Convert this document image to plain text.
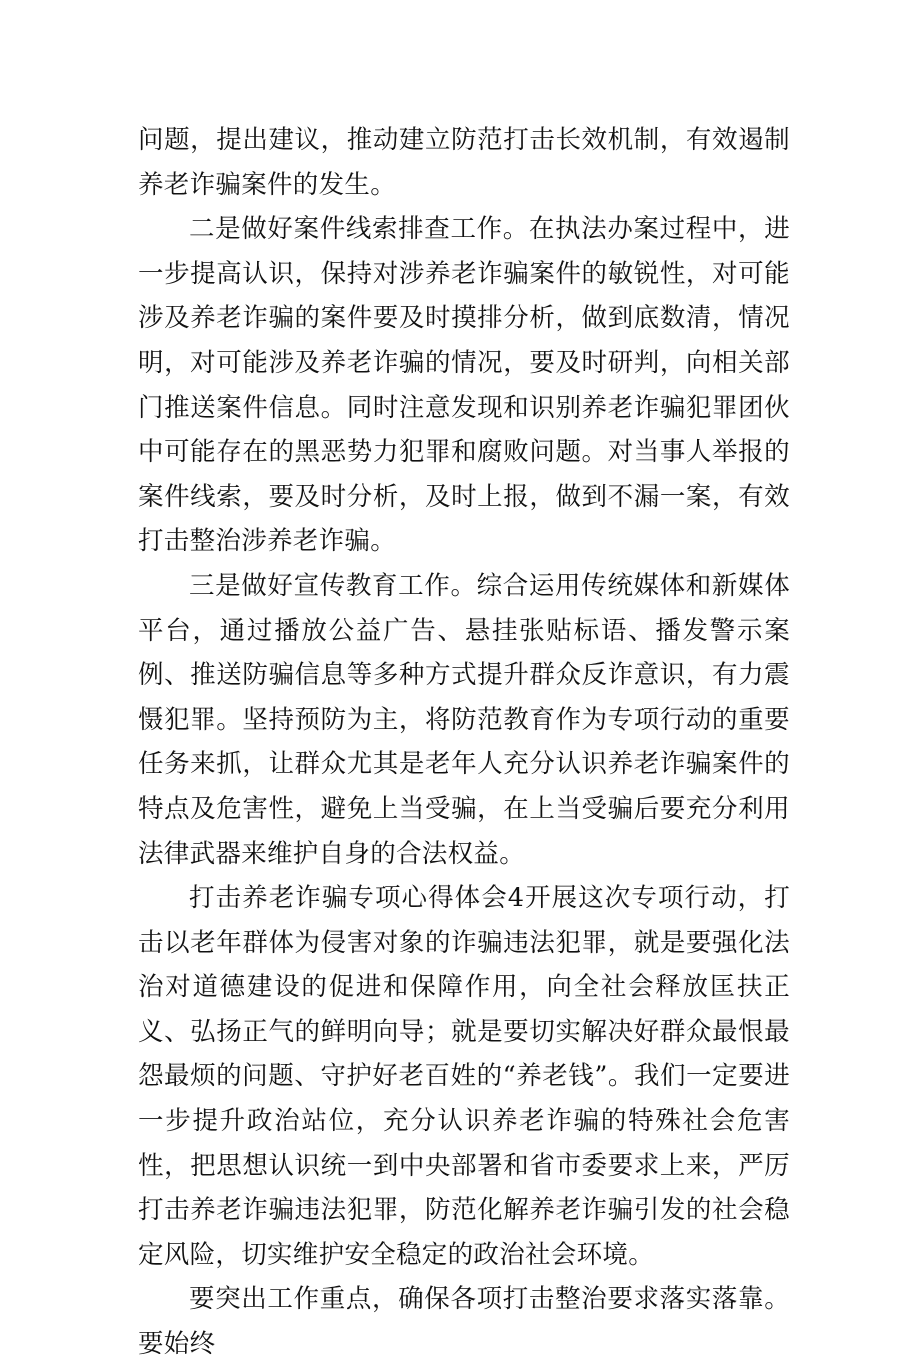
问题，提出建议，推动建立防范打击长效机制，有效遏制养老诈骗案件的发生。

二是做好案件线索排查工作。在执法办案过程中，进一步提高认识，保持对涉养老诈骗案件的敏锐性，对可能涉及养老诈骗的案件要及时摸排分析，做到底数清，情况明，对可能涉及养老诈骗的情况，要及时研判，向相关部门推送案件信息。同时注意发现和识别养老诈骗犯罪团伙中可能存在的黑恶势力犯罪和腐败问题。对当事人举报的案件线索，要及时分析，及时上报，做到不漏一案，有效打击整治涉养老诈骗。

三是做好宣传教育工作。综合运用传统媒体和新媒体平台，通过播放公益广告、悬挂张贴标语、播发警示案例、推送防骗信息等多种方式提升群众反诈意识，有力震慑犯罪。坚持预防为主，将防范教育作为专项行动的重要任务来抓，让群众尤其是老年人充分认识养老诈骗案件的特点及危害性，避免上当受骗，在上当受骗后要充分利用法律武器来维护自身的合法权益。

打击养老诈骗专项心得体会4开展这次专项行动，打击以老年群体为侵害对象的诈骗违法犯罪，就是要强化法治对道德建设的促进和保障作用，向全社会释放匡扶正义、弘扬正气的鲜明向导；就是要切实解决好群众最恨最怨最烦的问题、守护好老百姓的“养老钱”。我们一定要进一步提升政治站位，充分认识养老诈骗的特殊社会危害性，把思想认识统一到中央部署和省市委要求上来，严厉打击养老诈骗违法犯罪，防范化解养老诈骗引发的社会稳定风险，切实维护安全稳定的政治社会环境。

要突出工作重点，确保各项打击整治要求落实落靠。要始终
